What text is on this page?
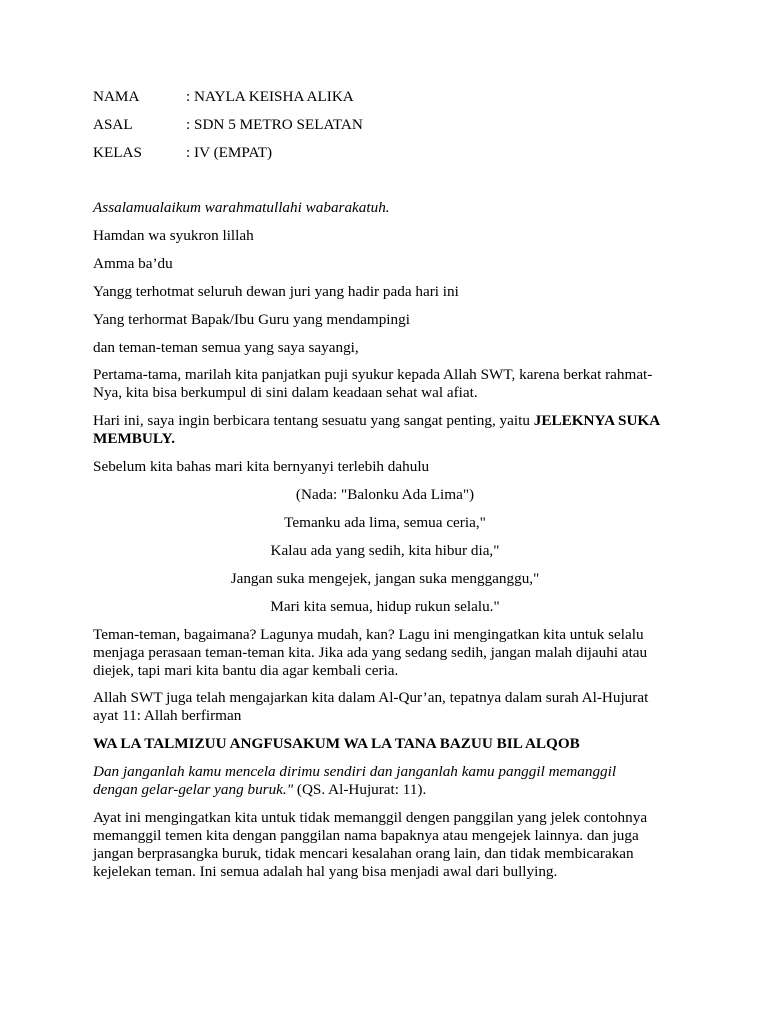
NAMA	: NAYLA KEISHA ALIKA
ASAL	: SDN 5 METRO SELATAN
KELAS	: IV (EMPAT)
Assalamualaikum warahmatullahi wabarakatuh.
Hamdan wa syukron lillah
Amma ba’du
Yangg terhotmat seluruh dewan juri yang hadir pada hari ini
Yang terhormat Bapak/Ibu Guru yang mendampingi
dan teman-teman semua yang saya sayangi,
Pertama-tama, marilah kita panjatkan puji syukur kepada Allah SWT, karena berkat rahmat-
Nya, kita bisa berkumpul di sini dalam keadaan sehat wal afiat.
Hari ini, saya ingin berbicara tentang sesuatu yang sangat penting, yaitu JELEKNYA SUKA
MEMBULY.
Sebelum kita bahas mari kita bernyanyi terlebih dahulu
(Nada: "Balonku Ada Lima")
Temanku ada lima, semua ceria,"
Kalau ada yang sedih, kita hibur dia,"
Jangan suka mengejek, jangan suka mengganggu,"
Mari kita semua, hidup rukun selalu."
Teman-teman, bagaimana? Lagunya mudah, kan? Lagu ini mengingatkan kita untuk selalu
menjaga perasaan teman-teman kita. Jika ada yang sedang sedih, jangan malah dijauhi atau
diejek, tapi mari kita bantu dia agar kembali ceria.
Allah SWT juga telah mengajarkan kita dalam Al-Qur’an, tepatnya dalam surah Al-Hujurat
ayat 11: Allah berfirman
WA LA TALMIZUU ANGFUSAKUM WA LA TANA BAZUU BIL ALQOB
Dan janganlah kamu mencela dirimu sendiri dan janganlah kamu panggil memanggil
dengan gelar-gelar yang buruk." (QS. Al-Hujurat: 11).
Ayat ini mengingatkan kita untuk tidak memanggil dengen panggilan yang jelek contohnya
memanggil temen kita dengan panggilan nama bapaknya atau mengejek lainnya. dan juga
jangan berprasangka buruk, tidak mencari kesalahan orang lain, dan tidak membicarakan
kejelekan teman. Ini semua adalah hal yang bisa menjadi awal dari bullying.
